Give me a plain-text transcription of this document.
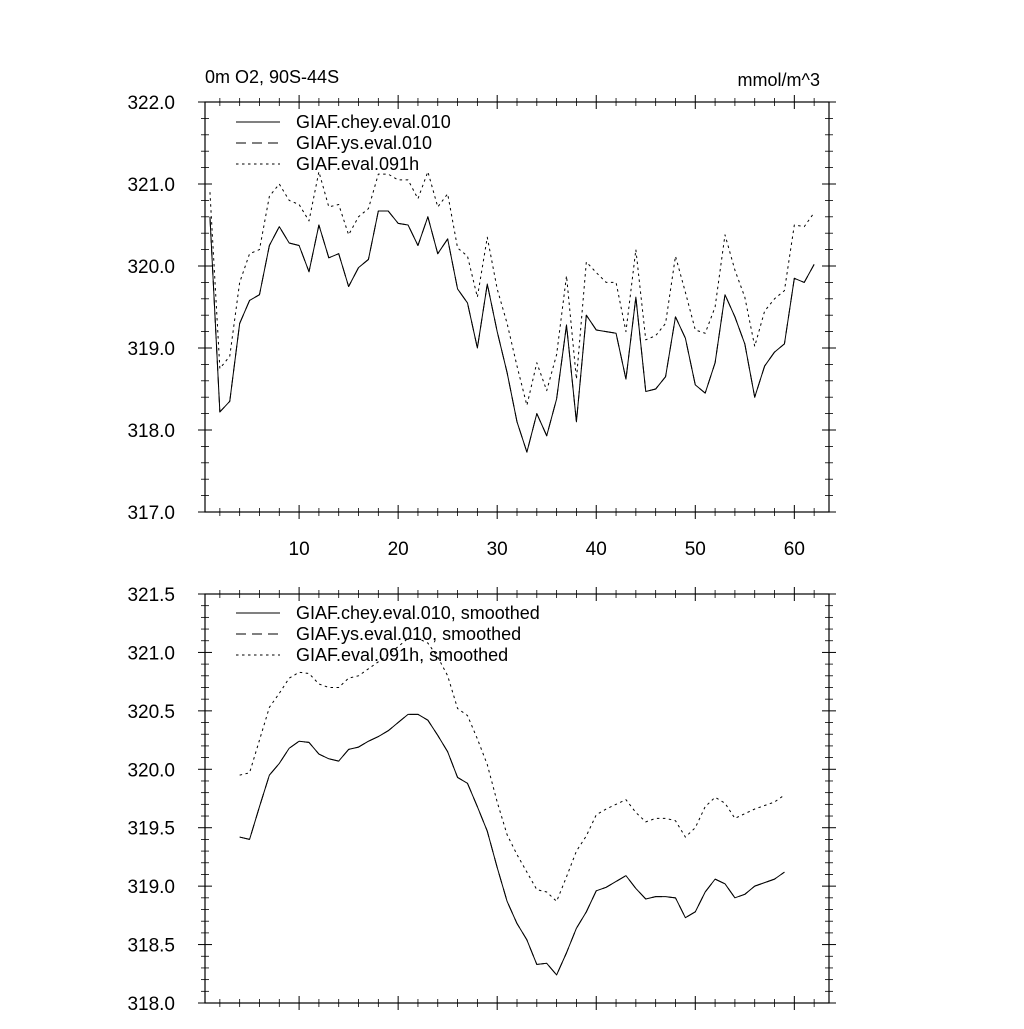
0m O2, 90S-44S	mmol/m^3
317.0
318.0
319.0
320.0
321.0
322.0
10	20	30	40	50	60
GIAF.chey.eval.010
GIAF.ys.eval.010
GIAF.eval.091h
318.0
318.5
319.0
319.5
320.0
320.5
321.0
321.5
GIAF.chey.eval.010, smoothed
GIAF.ys.eval.010, smoothed
GIAF.eval.091h, smoothed
